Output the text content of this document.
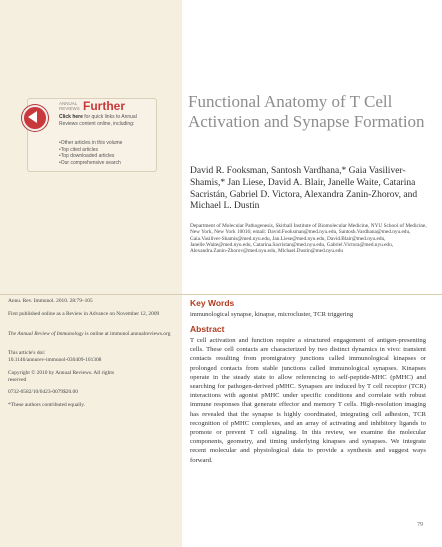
ANNUAL REVIEWS Further
Click here for quick links to Annual Reviews content online, including:
• Other articles in this volume
• Top cited articles
• Top downloaded articles
• Our comprehensive search
Functional Anatomy of T Cell Activation and Synapse Formation
David R. Fooksman, Santosh Vardhana,* Gaia Vasiliver-Shamis,* Jan Liese, David A. Blair, Janelle Waite, Catarina Sacristán, Gabriel D. Victora, Alexandra Zanin-Zhorov, and Michael L. Dustin
Department of Molecular Pathogenesis, Skirball Institute of Biomolecular Medicine, NYU School of Medicine, New York, New York 10016; email: David.Fooksman@med.nyu.edu, Santosh.Vardhana@med.nyu.edu, Gaia.Vasiliver-Shamis@med.nyu.edu, Jan.Liese@med.nyu.edu, David.Blair@med.nyu.edu, Janelle.Waite@med.nyu.edu, Catarina.Sacristan@med.nyu.edu, Gabriel.Victora@med.nyu.edu, Alexandra.Zanin-Zhorov@med.nyu.edu, Michael.Dustin@med.nyu.edu
Annu. Rev. Immunol. 2010. 28:79–105
First published online as a Review in Advance on November 12, 2009
The Annual Review of Immunology is online at immunol.annualreviews.org
This article's doi:
10.1146/annurev-immunol-030409-101308
Copyright © 2010 by Annual Reviews. All rights reserved
0732-0582/10/0423-0079$20.00
*These authors contributed equally.
Key Words
immunological synapse, kinapse, microcluster, TCR triggering
Abstract
T cell activation and function require a structured engagement of antigen-presenting cells. These cell contacts are characterized by two distinct dynamics in vivo: transient contacts resulting from promigratory junctions called immunological kinapses or prolonged contacts from stable junctions called immunological synapses. Kinapses operate in the steady state to allow referencing to self-peptide-MHC (pMHC) and searching for pathogen-derived pMHC. Synapses are induced by T cell receptor (TCR) interactions with agonist pMHC under specific conditions and correlate with robust immune responses that generate effector and memory T cells. High-resolution imaging has revealed that the synapse is highly coordinated, integrating cell adhesion, TCR recognition of pMHC complexes, and an array of activating and inhibitory ligands to promote or prevent T cell signaling. In this review, we examine the molecular components, geometry, and timing underlying kinapses and synapses. We integrate recent molecular and physiological data to provide a synthesis and suggest ways forward.
79
